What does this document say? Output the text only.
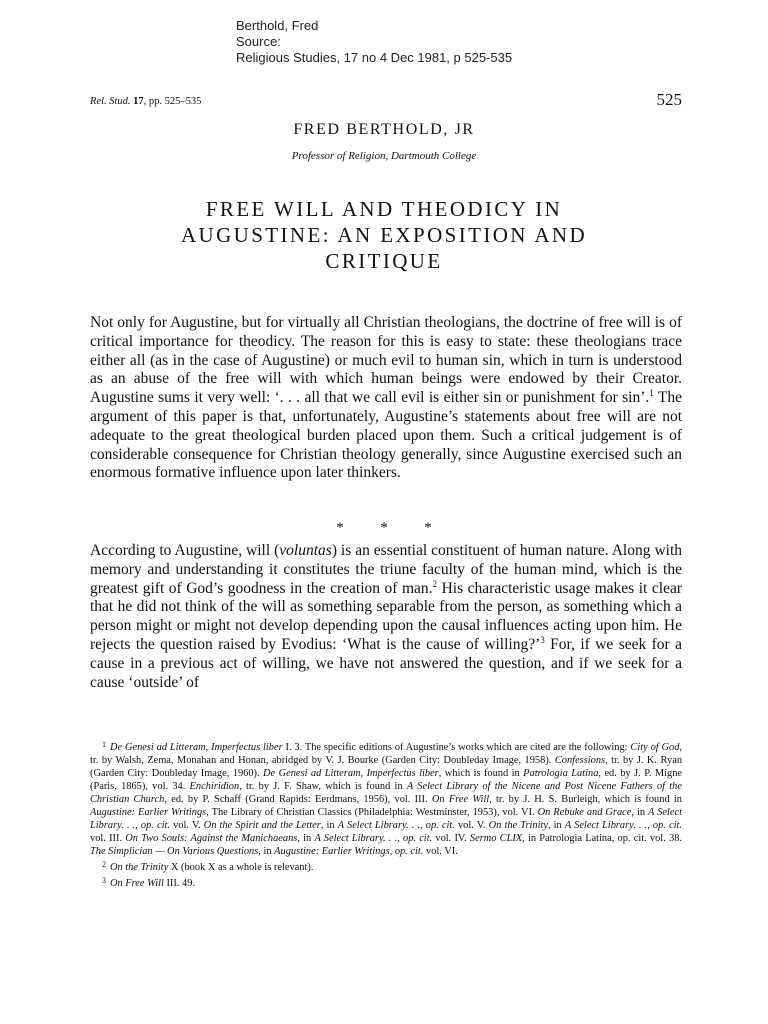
Berthold, Fred
Source:
Religious Studies, 17 no 4 Dec 1981, p 525-535
Rel. Stud. 17, pp. 525–535	525
FRED BERTHOLD, JR
Professor of Religion, Dartmouth College
FREE WILL AND THEODICY IN
AUGUSTINE: AN EXPOSITION AND
CRITIQUE

Not only for Augustine, but for virtually all Christian theologians, the doctrine of free will is of critical importance for theodicy. The reason for this is easy to state: these theologians trace either all (as in the case of Augustine) or much evil to human sin, which in turn is understood as an abuse of the free will with which human beings were endowed by their Creator. Augustine sums it very well: ‘. . . all that we call evil is either sin or punishment for sin’.$^1$ The argument of this paper is that, unfortunately, Augustine’s statements about free will are not adequate to the great theological burden placed upon them. Such a critical judgement is of considerable consequence for Christian theology generally, since Augustine exercised such an enormous formative influence upon later thinkers.

* * *

According to Augustine, will (voluntas) is an essential constituent of human nature. Along with memory and understanding it constitutes the triune faculty of the human mind, which is the greatest gift of God’s goodness in the creation of man.$^2$ His characteristic usage makes it clear that he did not think of the will as something separable from the person, as something which a person might or might not develop depending upon the causal influences acting upon him. He rejects the question raised by Evodius: ‘What is the cause of willing?’$^3$ For, if we seek for a cause in a previous act of willing, we have not answered the question, and if we seek for a cause ‘outside’ of

$^1$ De Genesi ad Litteram, Imperfectus liber I. 3. The specific editions of Augustine’s works which are cited are the following: City of God, tr. by Walsh, Zema, Monahan and Honan, abridged by V. J. Bourke (Garden City: Doubleday Image, 1958). Confessions, tr. by J. K. Ryan (Garden City: Doubleday Image, 1960). De Genesi ad Litteram, Imperfectus liber, which is found in Patrologia Latina, ed. by J. P. Migne (Paris, 1865), vol. 34. Enchiridion, tr. by J. F. Shaw, which is found in A Select Library of the Nicene and Post Nicene Fathers of the Christian Church, ed. by P. Schaff (Grand Rapids: Eerdmans, 1956), vol. III. On Free Will, tr. by J. H. S. Burleigh, which is found in Augustine: Earlier Writings, The Library of Christian Classics (Philadelphia: Westminster, 1953), vol. VI. On Rebuke and Grace, in A Select Library. . ., op. cit. vol. V. On the Spirit and the Letter, in A Select Library. . ., op. cit. vol. V. On the Trinity, in A Select Library. . ., op. cit. vol. III. On Two Souls: Against the Manichaeans, in A Select Library. . ., op. cit. vol. IV. Sermo CLIX, in Patrologia Latina, op. cit. vol. 38. The Simplician — On Various Questions, in Augustine: Earlier Writings, op. cit. vol. VI.

$^2$ On the Trinity X (book X as a whole is relevant).

$^3$ On Free Will III. 49.
